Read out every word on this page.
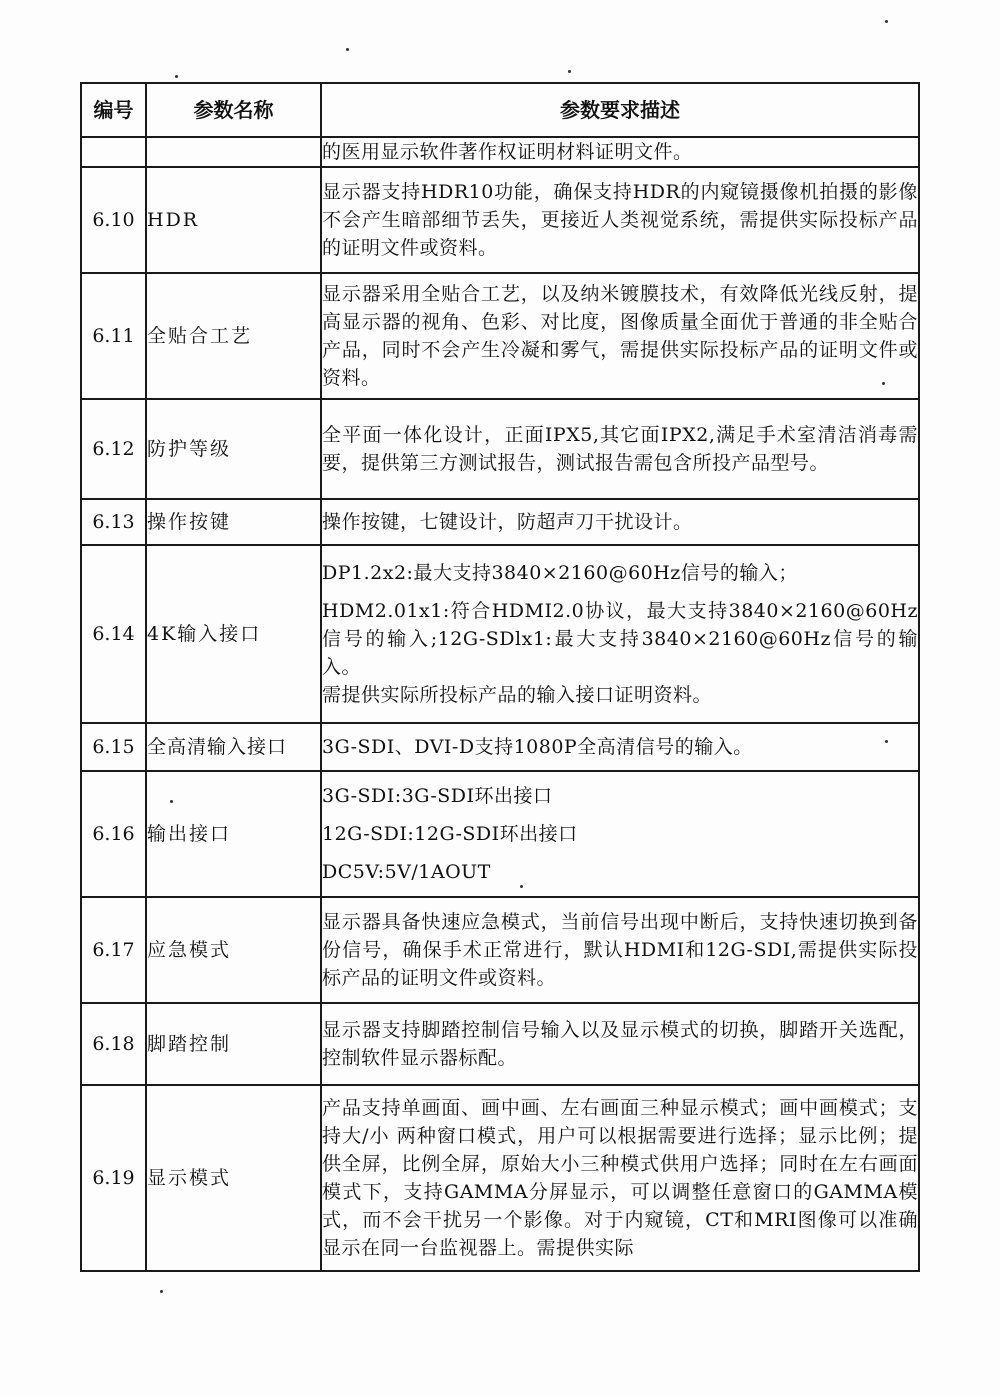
编号	参数名称	参数要求描述

		的医用显示软件著作权证明材料证明文件。

6.10	HDR	显示器支持HDR10功能，确保支持HDR的内窥镜摄像机拍摄的影像不会产生暗部细节丢失，更接近人类视觉系统，需提供实际投标产品的证明文件或资料。

6.11	全贴合工艺	显示器采用全贴合工艺，以及纳米镀膜技术，有效降低光线反射，提高显示器的视角、色彩、对比度，图像质量全面优于普通的非全贴合产品，同时不会产生冷凝和雾气，需提供实际投标产品的证明文件或资料。

6.12	防护等级	全平面一体化设计，正面IPX5,其它面IPX2,满足手术室清洁消毒需要，提供第三方测试报告，测试报告需包含所投产品型号。

6.13	操作按键	操作按键，七键设计，防超声刀干扰设计。

6.14	4K输入接口	DP1.2x2:最大支持3840×2160@60Hz信号的输入；
HDM2.01x1:符合HDMI2.0协议，最大支持3840×2160@60Hz信号的输入;12G-SDlx1:最大支持3840×2160@60Hz信号的输入。
需提供实际所投标产品的输入接口证明资料。

6.15	全高清输入接口	3G-SDI、DVI-D支持1080P全高清信号的输入。

6.16	输出接口	3G-SDI:3G-SDI环出接口
12G-SDI:12G-SDI环出接口
DC5V:5V/1AOUT

6.17	应急模式	显示器具备快速应急模式，当前信号出现中断后，支持快速切换到备份信号，确保手术正常进行，默认HDMI和12G-SDI,需提供实际投标产品的证明文件或资料。

6.18	脚踏控制	显示器支持脚踏控制信号输入以及显示模式的切换，脚踏开关选配，控制软件显示器标配。

6.19	显示模式	产品支持单画面、画中画、左右画面三种显示模式；画中画模式；支持大/小 两种窗口模式，用户可以根据需要进行选择；显示比例；提供全屏，比例全屏，原始大小三种模式供用户选择；同时在左右画面模式下，支持GAMMA分屏显示，可以调整任意窗口的GAMMA模式，而不会干扰另一个影像。对于内窥镜，CT和MRI图像可以准确显示在同一台监视器上。需提供实际
